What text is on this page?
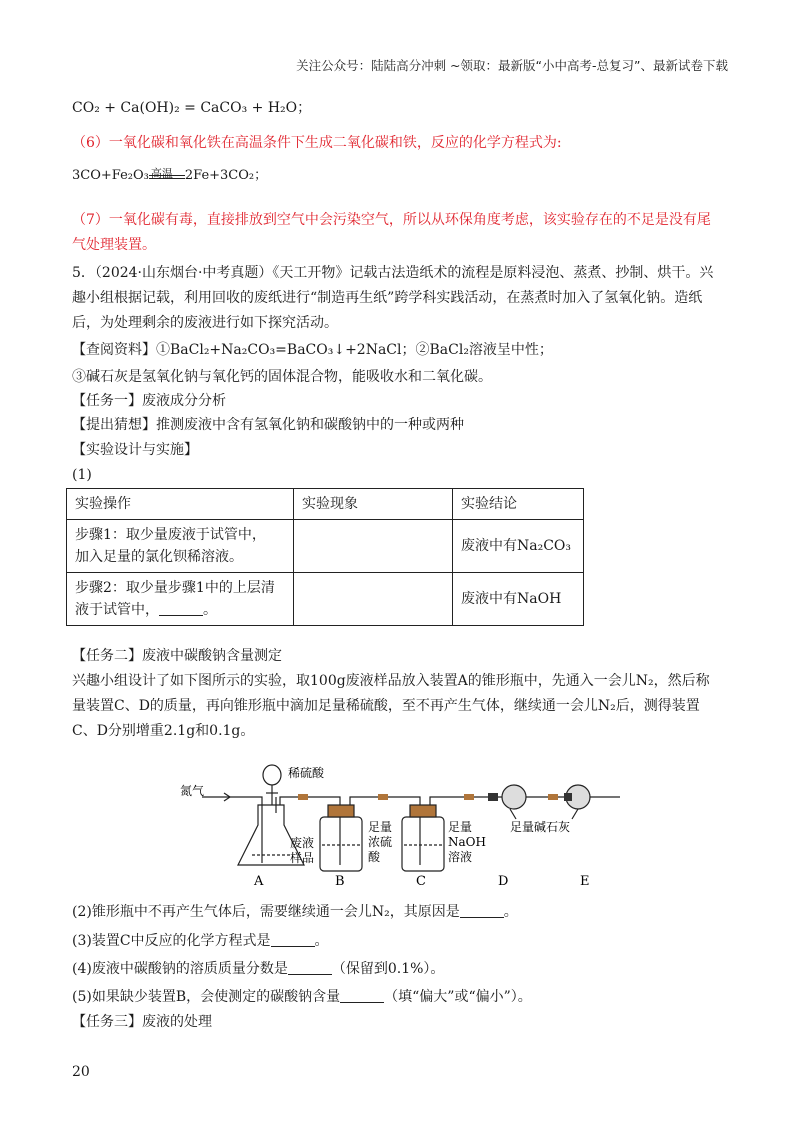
关注公众号：陆陆高分冲刺 ~领取：最新版“小中高考-总复习”、最新试卷下载
CO₂ + Ca(OH)₂ = CaCO₃ + H₂O；
（6）一氧化碳和氧化铁在高温条件下生成二氧化碳和铁，反应的化学方程式为:
3CO+Fe₂O₃ 高温 2Fe+3CO₂；
（7）一氧化碳有毒，直接排放到空气中会污染空气，所以从环保角度考虑，该实验存在的不足是没有尾
气处理装置。
5．（2024·山东烟台·中考真题）《天工开物》记载古法造纸术的流程是原料浸泡、蒸煮、抄制、烘干。兴
趣小组根据记载，利用回收的废纸进行“制造再生纸”跨学科实践活动，在蒸煮时加入了氢氧化钠。造纸
后，为处理剩余的废液进行如下探究活动。
【查阅资料】①BaCl₂+Na₂CO₃=BaCO₃↓+2NaCl；②BaCl₂溶液呈中性；
③碱石灰是氢氧化钠与氧化钙的固体混合物，能吸收水和二氧化碳。
【任务一】废液成分分析
【提出猜想】推测废液中含有氢氧化钠和碳酸钠中的一种或两种
【实验设计与实施】
(1)
实验操作	实验现象	实验结论

步骤1：取少量废液于试管中，
加入足量的氯化钡稀溶液。		废液中有Na₂CO₃

步骤2：取少量步骤1中的上层清
液于试管中， 。		废液中有NaOH
【任务二】废液中碳酸钠含量测定
兴趣小组设计了如下图所示的实验，取100g废液样品放入装置A的锥形瓶中，先通入一会儿N₂，然后称
量装置C、D的质量，再向锥形瓶中滴加足量稀硫酸，至不再产生气体，继续通一会儿N₂后，测得装置
C、D分别增重2.1g和0.1g。
氮气
稀硫酸
废液
样品
足量
浓硫
酸
足量
NaOH
溶液
足量碱石灰
A	B	C	D	E
(2)锥形瓶中不再产生气体后，需要继续通一会儿N₂，其原因是	。
(3)装置C中反应的化学方程式是	。
(4)废液中碳酸钠的溶质质量分数是	（保留到0.1%）。
(5)如果缺少装置B，会使测定的碳酸钠含量	（填“偏大”或“偏小”）。
【任务三】废液的处理
20
